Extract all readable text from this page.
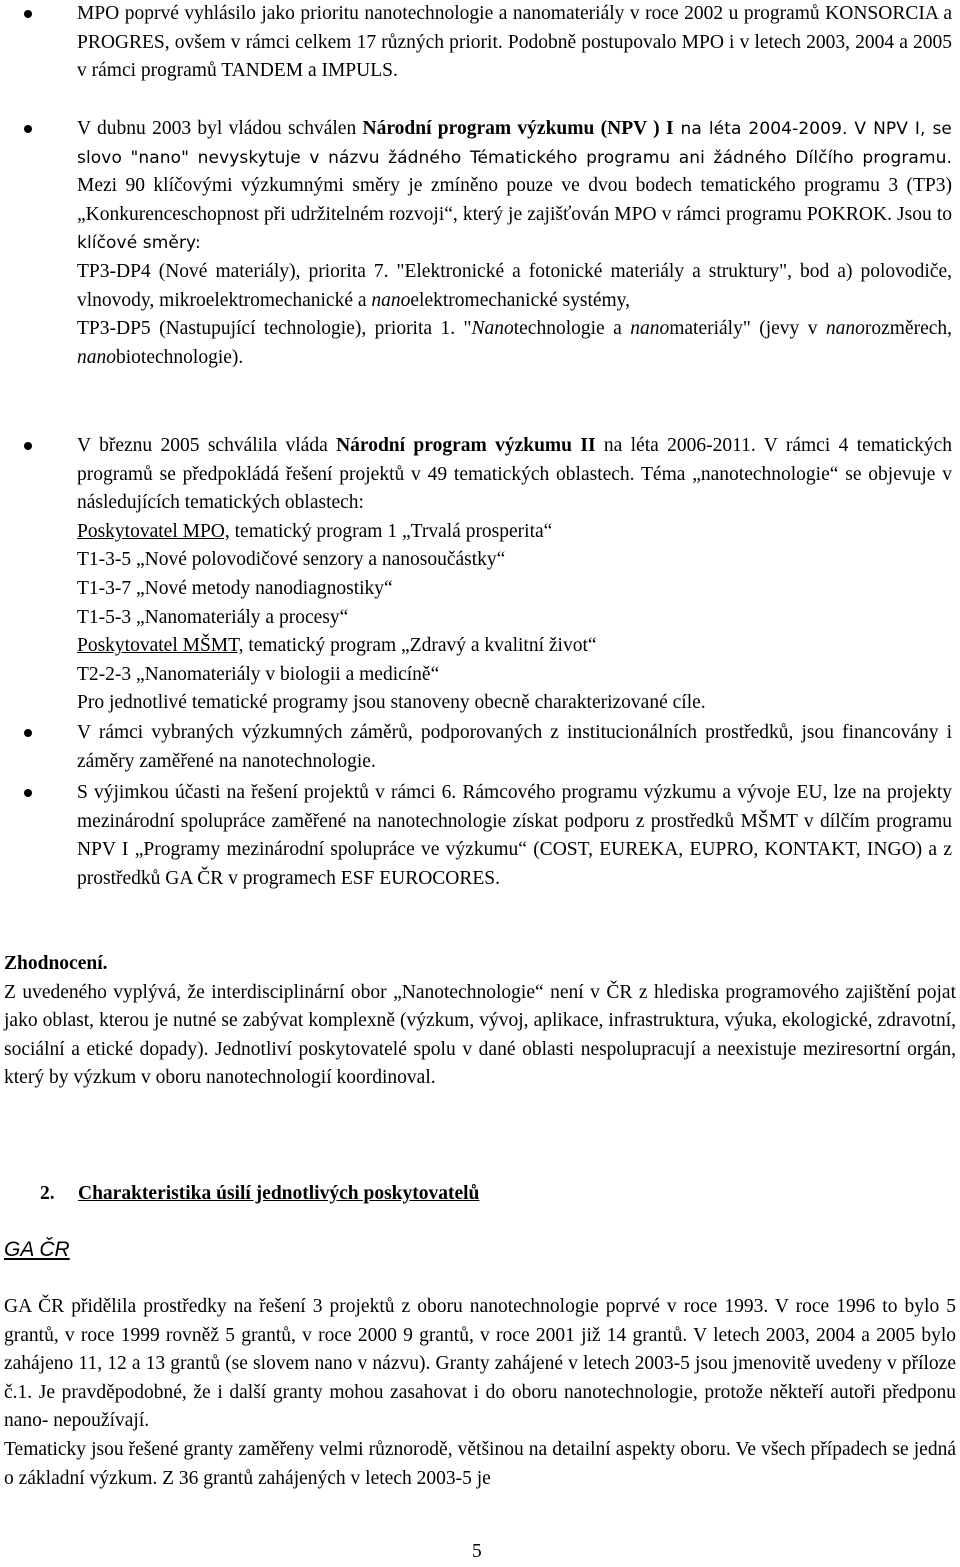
MPO poprvé vyhlásilo jako prioritu nanotechnologie a nanomateriály v roce 2002 u programů KONSORCIA a PROGRES, ovšem v rámci celkem 17 různých priorit. Podobně postupovalo MPO i v letech 2003, 2004 a 2005 v rámci programů TANDEM a IMPULS.

V dubnu 2003 byl vládou schválen Národní program výzkumu (NPV ) I na léta 2004-2009. V NPV I, se slovo "nano" nevyskytuje v názvu žádného Tématického programu ani žádného Dílčího programu. Mezi 90 klíčovými výzkumnými směry je zmíněno pouze ve dvou bodech tematického programu 3 (TP3) „Konkurenceschopnost při udržitelném rozvoji“, který je zajišťován MPO v rámci programu POKROK. Jsou to klíčové směry:

TP3-DP4 (Nové materiály), priorita 7. "Elektronické a fotonické materiály a struktury", bod a) polovodiče, vlnovody, mikroelektromechanické a nanoelektromechanické systémy,

TP3-DP5 (Nastupující technologie), priorita 1. "Nanotechnologie a nanomateriály" (jevy v nanorozměrech, nanobiotechnologie).

V březnu 2005 schválila vláda Národní program výzkumu II na léta 2006-2011. V rámci 4 tematických programů se předpokládá řešení projektů v 49 tematických oblastech. Téma „nanotechnologie“ se objevuje v následujících tematických oblastech:

Poskytovatel MPO, tematický program 1 „Trvalá prosperita“

T1-3-5 „Nové polovodičové senzory a nanosoučástky“

T1-3-7 „Nové metody nanodiagnostiky“

T1-5-3 „Nanomateriály a procesy“

Poskytovatel MŠMT, tematický program „Zdravý a kvalitní život“

T2-2-3 „Nanomateriály v biologii a medicíně“

Pro jednotlivé tematické programy jsou stanoveny obecně charakterizované cíle.

V rámci vybraných výzkumných záměrů, podporovaných z institucionálních prostředků, jsou financovány i záměry zaměřené na nanotechnologie.

S výjimkou účasti na řešení projektů v rámci 6. Rámcového programu výzkumu a vývoje EU, lze na projekty mezinárodní spolupráce zaměřené na nanotechnologie získat podporu z prostředků MŠMT v dílčím programu NPV I „Programy mezinárodní spolupráce ve výzkumu“ (COST, EUREKA, EUPRO, KONTAKT, INGO) a z prostředků GA ČR v programech ESF EUROCORES.

Zhodnocení.

Z uvedeného vyplývá, že interdisciplinární obor „Nanotechnologie“ není v ČR z hlediska programového zajištění pojat jako oblast, kterou je nutné se zabývat komplexně (výzkum, vývoj, aplikace, infrastruktura, výuka, ekologické, zdravotní, sociální a etické dopady). Jednotliví poskytovatelé spolu v dané oblasti nespolupracují a neexistuje meziresortní orgán, který by výzkum v oboru nanotechnologií koordinoval.

2. Charakteristika úsilí jednotlivých poskytovatelů
GA ČR

GA ČR přidělila prostředky na řešení 3 projektů z oboru nanotechnologie poprvé v roce 1993. V roce 1996 to bylo 5 grantů, v roce 1999 rovněž 5 grantů, v roce 2000 9 grantů, v roce 2001 již 14 grantů. V letech 2003, 2004 a 2005 bylo zahájeno 11, 12 a 13 grantů (se slovem nano v názvu). Granty zahájené v letech 2003-5 jsou jmenovitě uvedeny v příloze č.1. Je pravděpodobné, že i další granty mohou zasahovat i do oboru nanotechnologie, protože někteří autoři předponu nano- nepoužívají.

Tematicky jsou řešené granty zaměřeny velmi různorodě, většinou na detailní aspekty oboru. Ve všech případech se jedná o základní výzkum. Z 36 grantů zahájených v letech 2003-5 je

5
